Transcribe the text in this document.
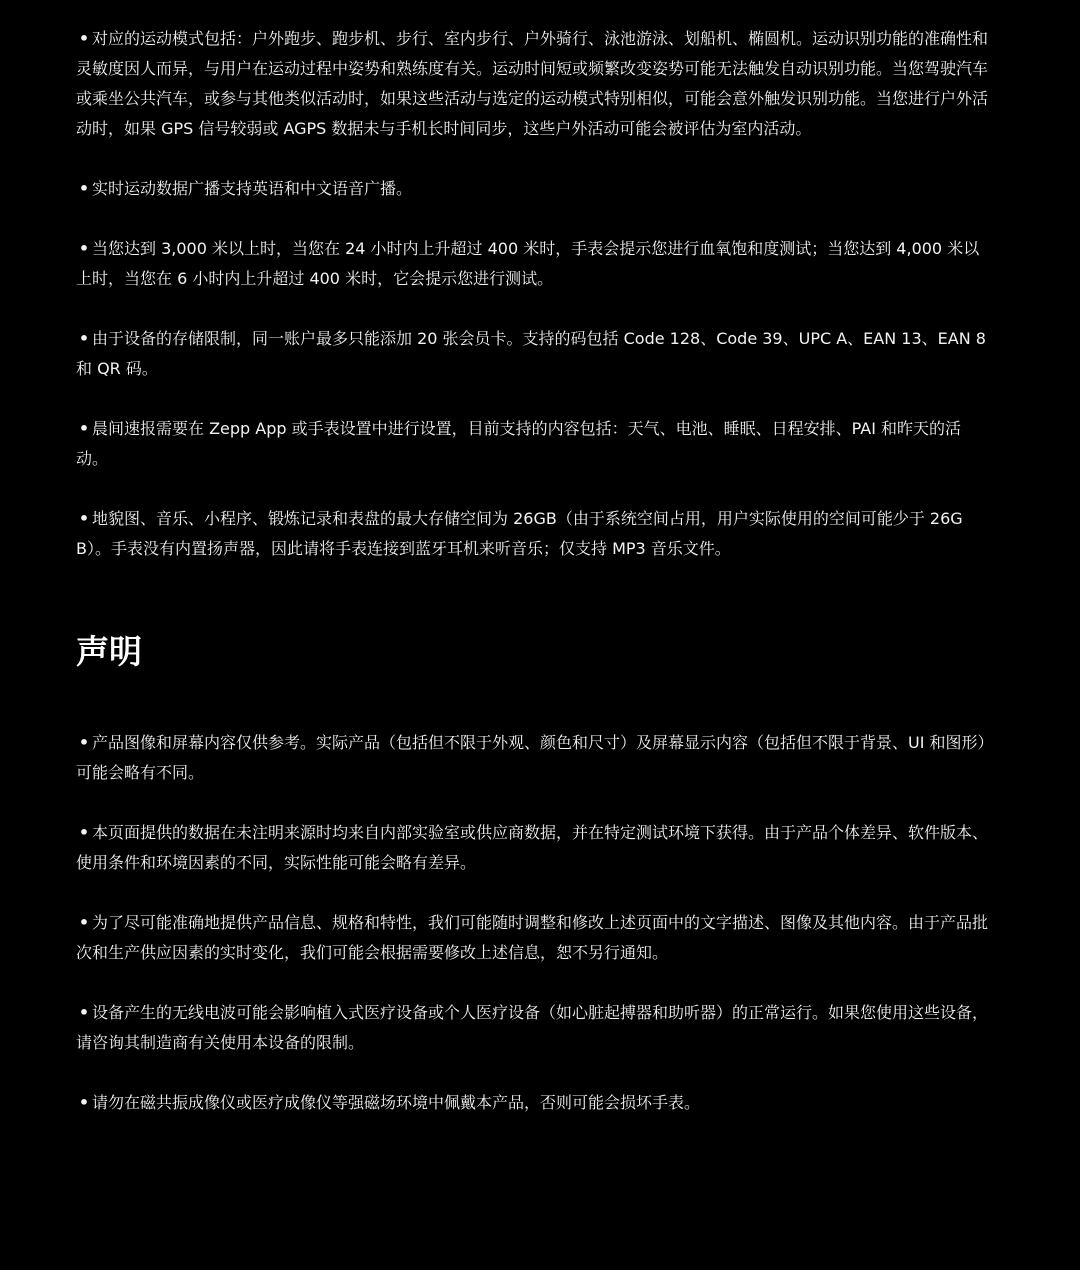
• 对应的运动模式包括：户外跑步、跑步机、步行、室内步行、户外骑行、泳池游泳、划船机、椭圆机。运动识别功能的准确性和灵敏度因人而异，与用户在运动过程中姿势和熟练度有关。运动时间短或频繁改变姿势可能无法触发自动识别功能。当您驾驶汽车或乘坐公共汽车，或参与其他类似活动时，如果这些活动与选定的运动模式特别相似，可能会意外触发识别功能。当您进行户外活动时，如果 GPS 信号较弱或 AGPS 数据未与手机长时间同步，这些户外活动可能会被评估为室内活动。
• 实时运动数据广播支持英语和中文语音广播。
• 当您达到 3,000 米以上时，当您在 24 小时内上升超过 400 米时，手表会提示您进行血氧饱和度测试；当您达到 4,000 米以上时，当您在 6 小时内上升超过 400 米时，它会提示您进行测试。
• 由于设备的存储限制，同一账户最多只能添加 20 张会员卡。支持的码包括 Code 128、Code 39、UPC A、EAN 13、EAN 8 和 QR 码。
• 晨间速报需要在 Zepp App 或手表设置中进行设置，目前支持的内容包括：天气、电池、睡眠、日程安排、PAI 和昨天的活动。
• 地貌图、音乐、小程序、锻炼记录和表盘的最大存储空间为 26GB（由于系统空间占用，用户实际使用的空间可能少于 26GB）。手表没有内置扬声器，因此请将手表连接到蓝牙耳机来听音乐；仅支持 MP3 音乐文件。
声明
• 产品图像和屏幕内容仅供参考。实际产品（包括但不限于外观、颜色和尺寸）及屏幕显示内容（包括但不限于背景、UI 和图形）可能会略有不同。
• 本页面提供的数据在未注明来源时均来自内部实验室或供应商数据，并在特定测试环境下获得。由于产品个体差异、软件版本、使用条件和环境因素的不同，实际性能可能会略有差异。
• 为了尽可能准确地提供产品信息、规格和特性，我们可能随时调整和修改上述页面中的文字描述、图像及其他内容。由于产品批次和生产供应因素的实时变化，我们可能会根据需要修改上述信息，恕不另行通知。
• 设备产生的无线电波可能会影响植入式医疗设备或个人医疗设备（如心脏起搏器和助听器）的正常运行。如果您使用这些设备，请咨询其制造商有关使用本设备的限制。
• 请勿在磁共振成像仪或医疗成像仪等强磁场环境中佩戴本产品，否则可能会损坏手表。
